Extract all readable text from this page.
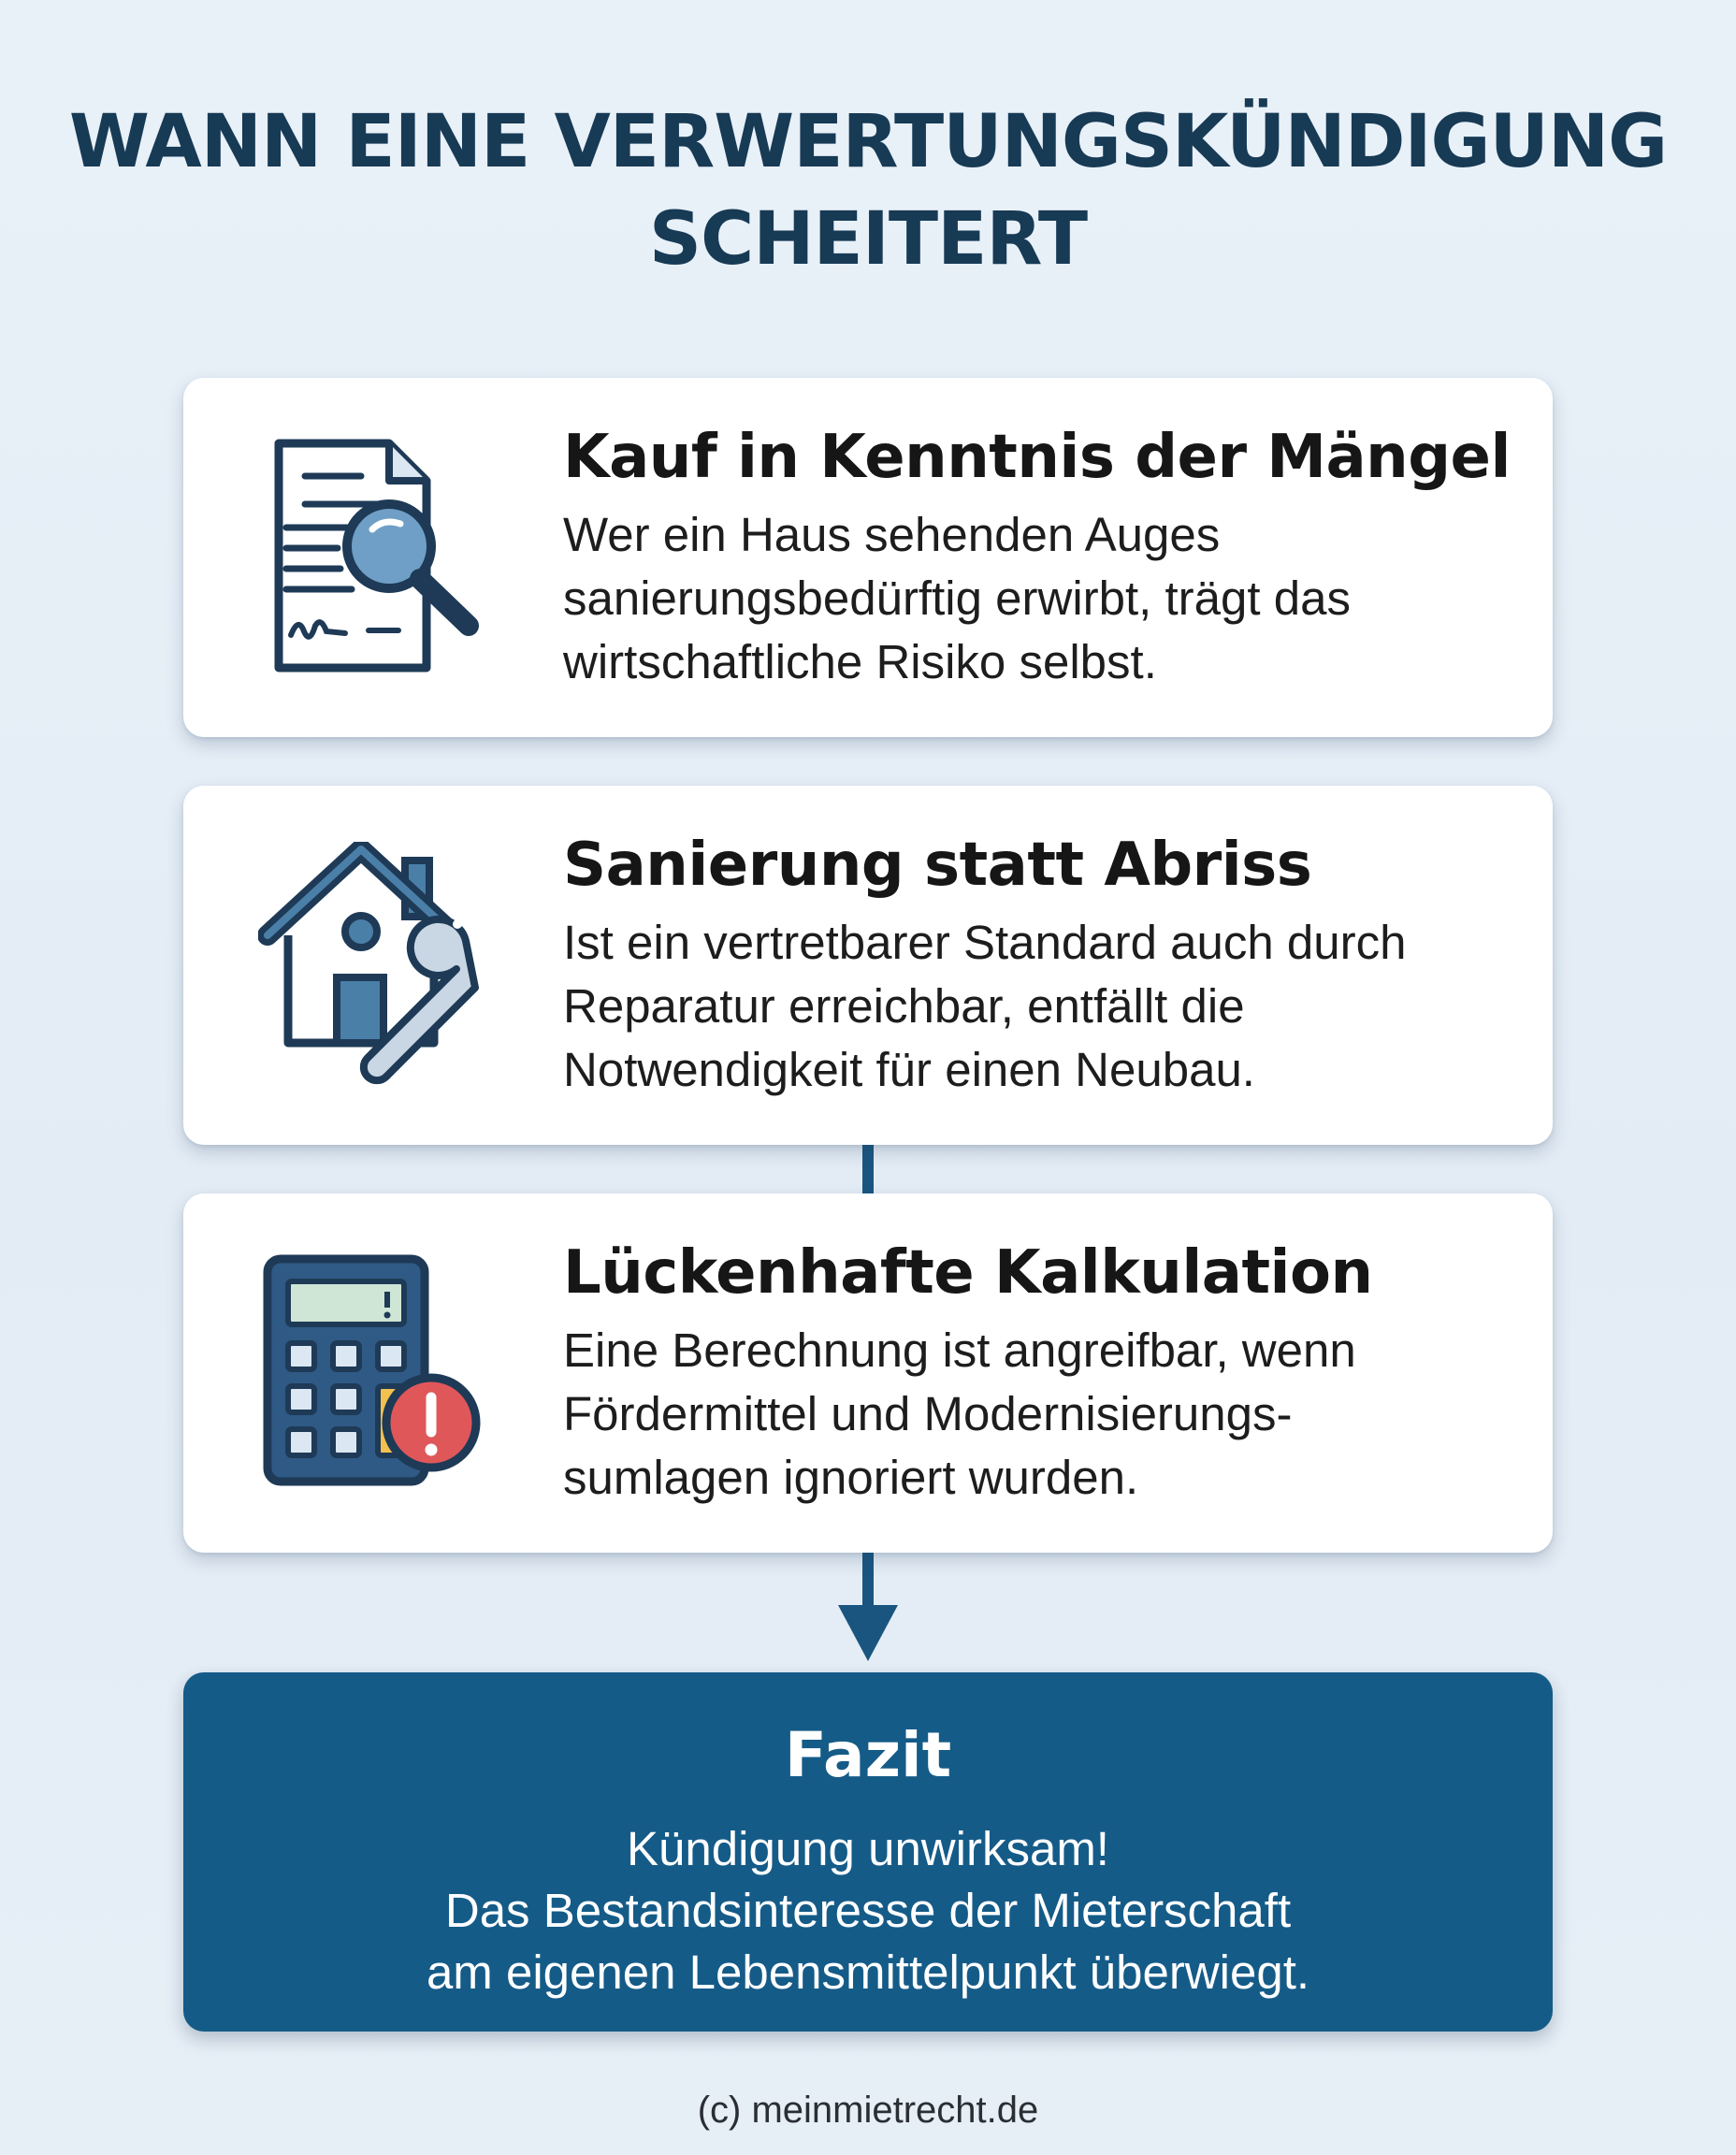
WANN EINE VERWERTUNGSKÜNDIGUNG
SCHEITERT
Kauf in Kenntnis der Mängel
Wer ein Haus sehenden Auges
sanierungsbedürftig erwirbt, trägt das
wirtschaftliche Risiko selbst.
Sanierung statt Abriss
Ist ein vertretbarer Standard auch durch
Reparatur erreichbar, entfällt die
Notwendigkeit für einen Neubau.
Lückenhafte Kalkulation
Eine Berechnung ist angreifbar, wenn
Fördermittel und Modernisierungs-
sumlagen ignoriert wurden.
Fazit
Kündigung unwirksam!
Das Bestandsinteresse der Mieterschaft
am eigenen Lebensmittelpunkt überwiegt.
(c) meinmietrecht.de
